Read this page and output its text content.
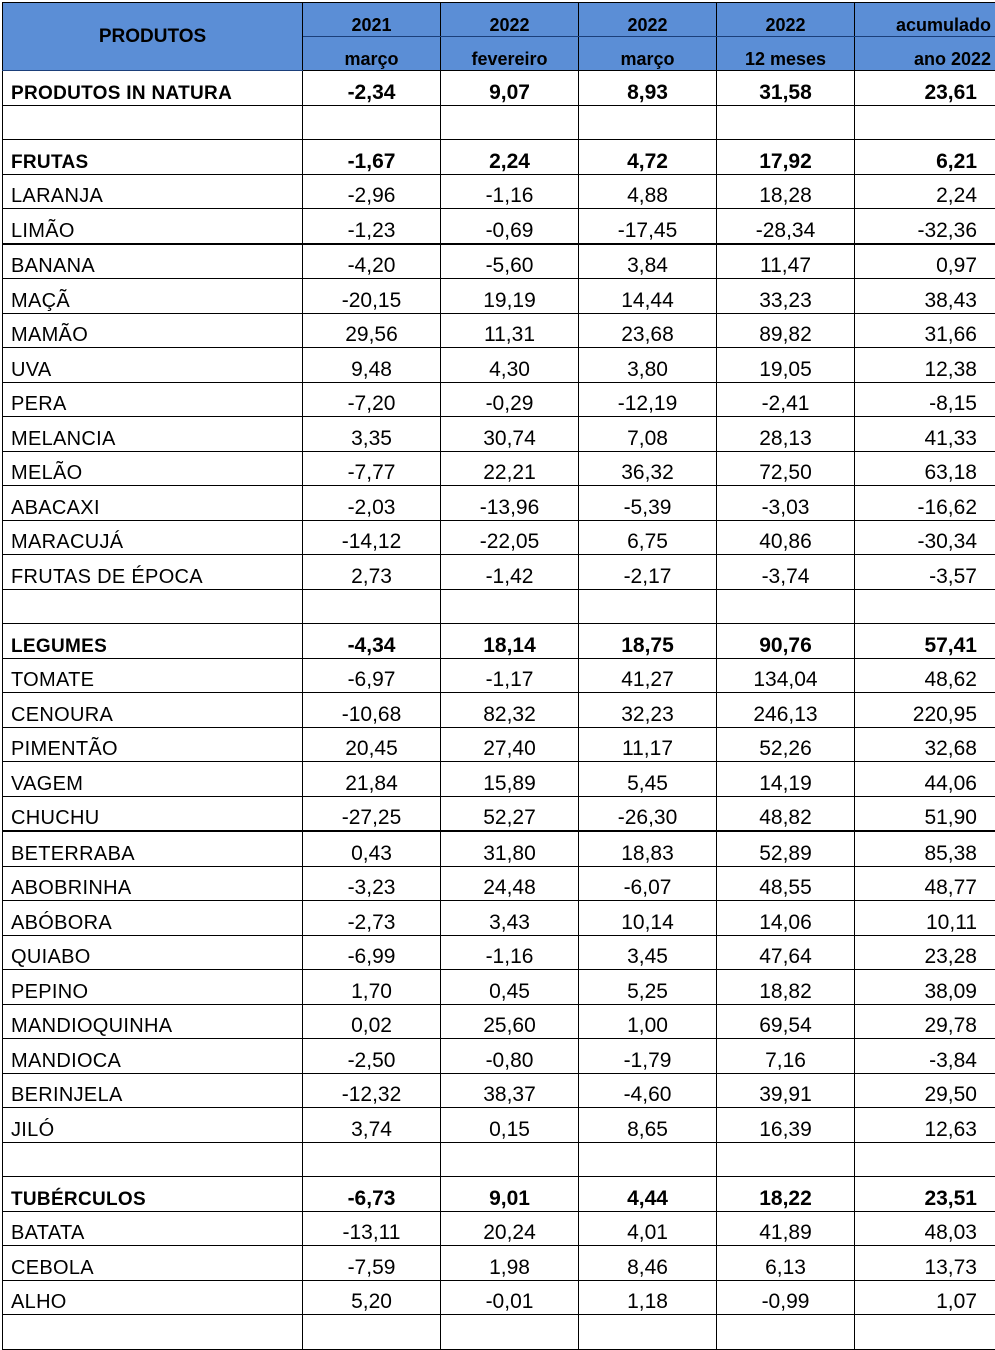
PRODUTOS	2021	2022	2022	2022	acumulado
	março	fevereiro	março	12 meses	ano 2022
PRODUTOS IN NATURA	-2,34	9,07	8,93	31,58	23,61

FRUTAS	-1,67	2,24	4,72	17,92	6,21
LARANJA	-2,96	-1,16	4,88	18,28	2,24
LIMÃO	-1,23	-0,69	-17,45	-28,34	-32,36
BANANA	-4,20	-5,60	3,84	11,47	0,97
MAÇÃ	-20,15	19,19	14,44	33,23	38,43
MAMÃO	29,56	11,31	23,68	89,82	31,66
UVA	9,48	4,30	3,80	19,05	12,38
PERA	-7,20	-0,29	-12,19	-2,41	-8,15
MELANCIA	3,35	30,74	7,08	28,13	41,33
MELÃO	-7,77	22,21	36,32	72,50	63,18
ABACAXI	-2,03	-13,96	-5,39	-3,03	-16,62
MARACUJÁ	-14,12	-22,05	6,75	40,86	-30,34
FRUTAS DE ÉPOCA	2,73	-1,42	-2,17	-3,74	-3,57

LEGUMES	-4,34	18,14	18,75	90,76	57,41
TOMATE	-6,97	-1,17	41,27	134,04	48,62
CENOURA	-10,68	82,32	32,23	246,13	220,95
PIMENTÃO	20,45	27,40	11,17	52,26	32,68
VAGEM	21,84	15,89	5,45	14,19	44,06
CHUCHU	-27,25	52,27	-26,30	48,82	51,90
BETERRABA	0,43	31,80	18,83	52,89	85,38
ABOBRINHA	-3,23	24,48	-6,07	48,55	48,77
ABÓBORA	-2,73	3,43	10,14	14,06	10,11
QUIABO	-6,99	-1,16	3,45	47,64	23,28
PEPINO	1,70	0,45	5,25	18,82	38,09
MANDIOQUINHA	0,02	25,60	1,00	69,54	29,78
MANDIOCA	-2,50	-0,80	-1,79	7,16	-3,84
BERINJELA	-12,32	38,37	-4,60	39,91	29,50
JILÓ	3,74	0,15	8,65	16,39	12,63

TUBÉRCULOS	-6,73	9,01	4,44	18,22	23,51
BATATA	-13,11	20,24	4,01	41,89	48,03
CEBOLA	-7,59	1,98	8,46	6,13	13,73
ALHO	5,20	-0,01	1,18	-0,99	1,07
